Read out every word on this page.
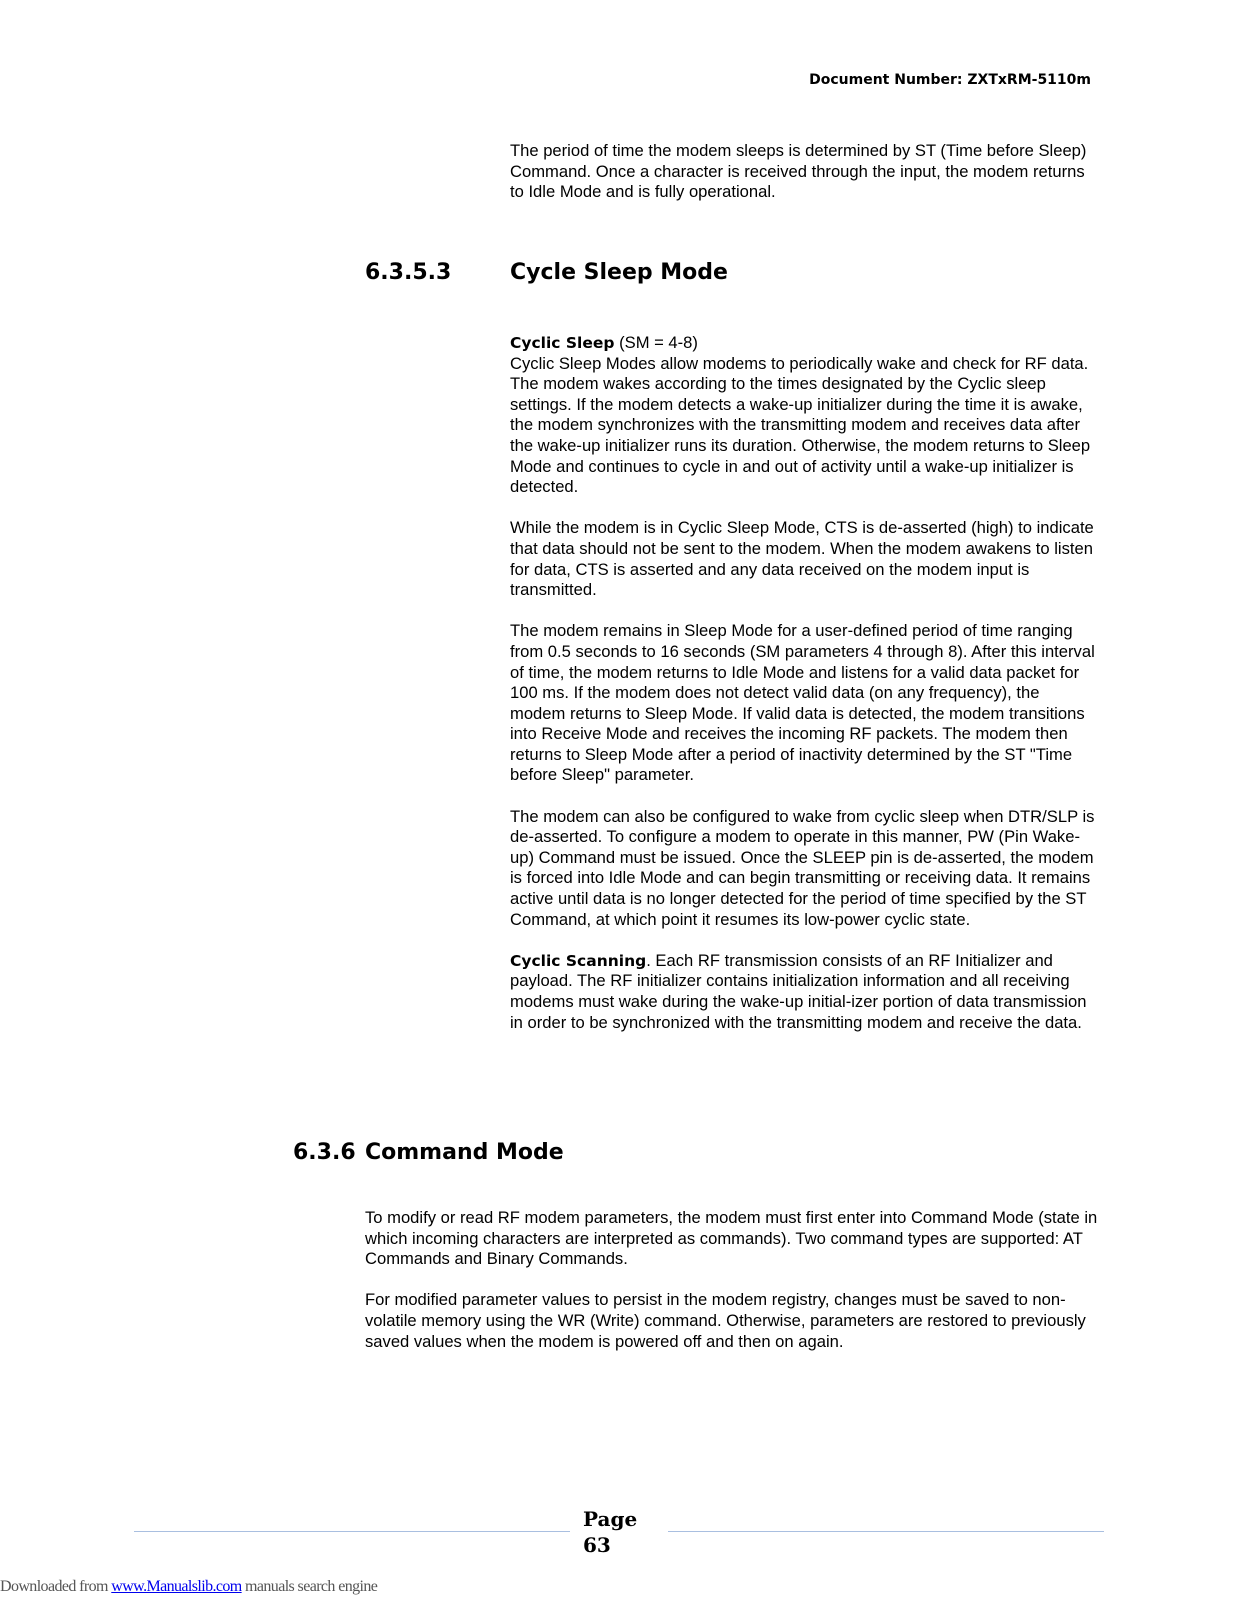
Document Number: ZXTxRM-5110m

The period of time the modem sleeps is determined by ST (Time before Sleep) Command. Once a character is received through the input, the modem returns to Idle Mode and is fully operational.

6.3.5.3	Cycle Sleep Mode

Cyclic Sleep (SM = 4-8)
Cyclic Sleep Modes allow modems to periodically wake and check for RF data. The modem wakes according to the times designated by the Cyclic sleep settings. If the modem detects a wake-up initializer during the time it is awake, the modem synchronizes with the transmitting modem and receives data after the wake-up initializer runs its duration. Otherwise, the modem returns to Sleep Mode and continues to cycle in and out of activity until a wake-up initializer is detected.

While the modem is in Cyclic Sleep Mode, CTS is de-asserted (high) to indicate that data should not be sent to the modem. When the modem awakens to listen for data, CTS is asserted and any data received on the modem input is transmitted.

The modem remains in Sleep Mode for a user-defined period of time ranging from 0.5 seconds to 16 seconds (SM parameters 4 through 8). After this interval of time, the modem returns to Idle Mode and listens for a valid data packet for 100 ms. If the modem does not detect valid data (on any frequency), the modem returns to Sleep Mode. If valid data is detected, the modem transitions into Receive Mode and receives the incoming RF packets. The modem then returns to Sleep Mode after a period of inactivity determined by the ST "Time before Sleep" parameter.

The modem can also be configured to wake from cyclic sleep when DTR/SLP is de-asserted. To configure a modem to operate in this manner, PW (Pin Wake-up) Command must be issued. Once the SLEEP pin is de-asserted, the modem is forced into Idle Mode and can begin transmitting or receiving data. It remains active until data is no longer detected for the period of time specified by the ST Command, at which point it resumes its low-power cyclic state.

Cyclic Scanning. Each RF transmission consists of an RF Initializer and payload. The RF initializer contains initialization information and all receiving modems must wake during the wake-up initial-izer portion of data transmission in order to be synchronized with the transmitting modem and receive the data.

6.3.6 Command Mode

To modify or read RF modem parameters, the modem must first enter into Command Mode (state in which incoming characters are interpreted as commands). Two command types are supported: AT Commands and Binary Commands.

For modified parameter values to persist in the modem registry, changes must be saved to non-volatile memory using the WR (Write) command. Otherwise, parameters are restored to previously saved values when the modem is powered off and then on again.

Page
63
Downloaded from www.Manualslib.com manuals search engine
